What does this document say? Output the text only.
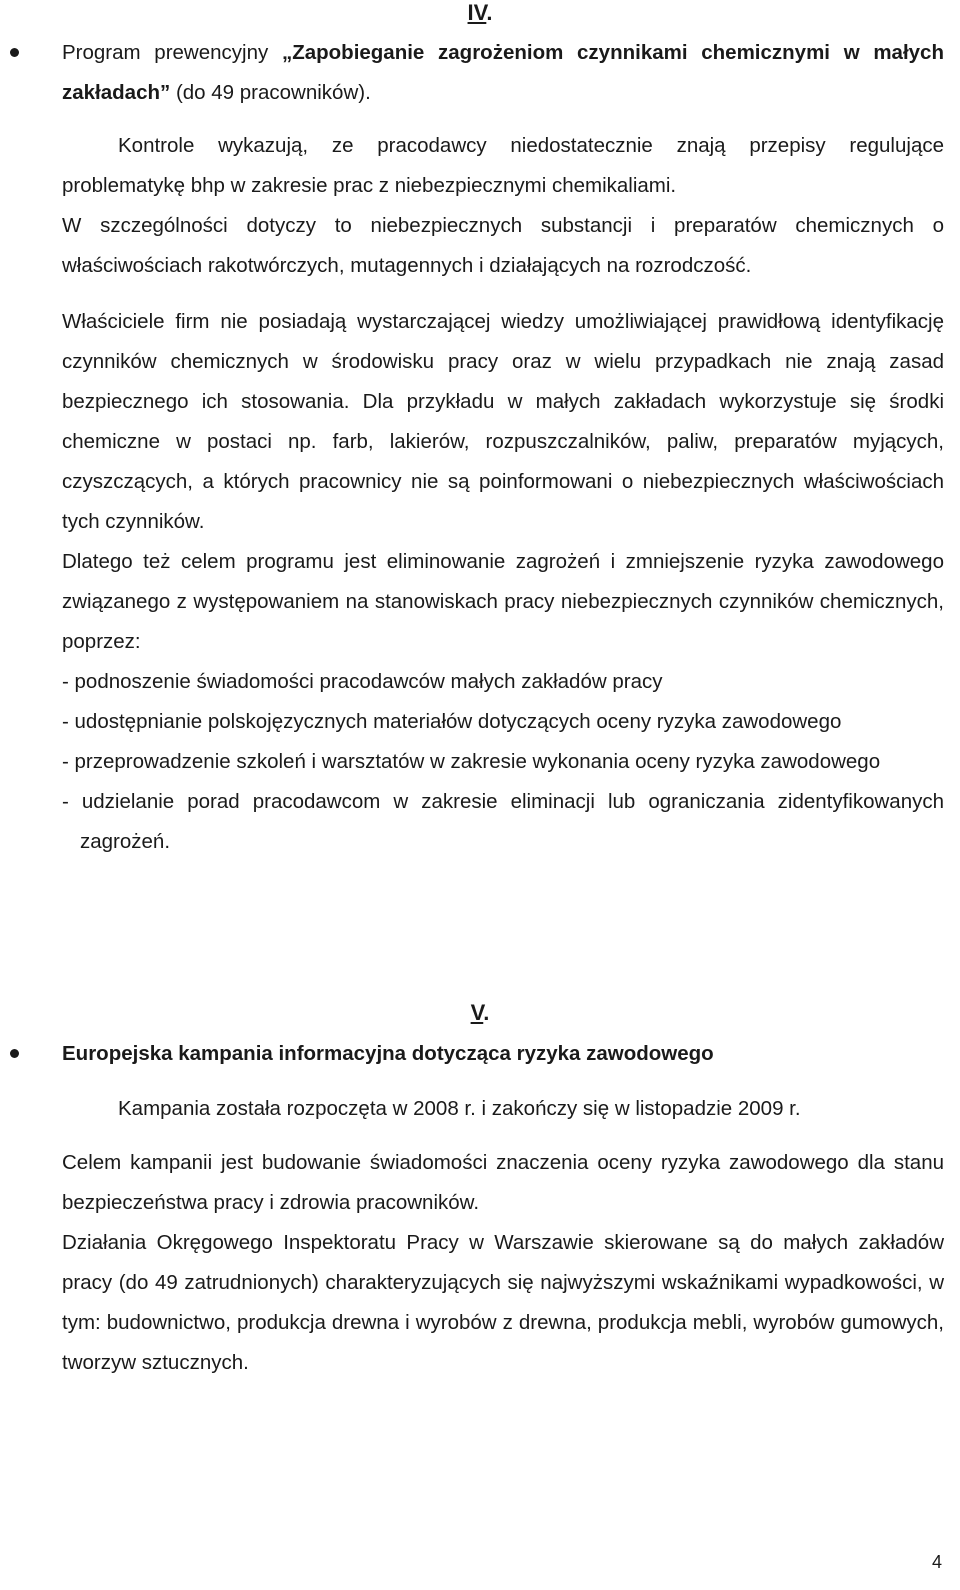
IV.

Program prewencyjny „Zapobieganie zagrożeniom czynnikami chemicznymi w małych zakładach” (do 49 pracowników).

Kontrole wykazują, ze pracodawcy niedostatecznie znają przepisy regulujące problematykę bhp w zakresie prac z niebezpiecznymi chemikaliami.

W szczególności dotyczy to niebezpiecznych substancji i preparatów chemicznych o właściwościach rakotwórczych, mutagennych i działających na rozrodczość.

Właściciele firm nie posiadają wystarczającej wiedzy umożliwiającej prawidłową identyfikację czynników chemicznych w środowisku pracy oraz w wielu przypadkach nie znają zasad bezpiecznego ich stosowania. Dla przykładu w małych zakładach wykorzystuje się środki chemiczne w postaci np. farb, lakierów, rozpuszczalników, paliw, preparatów myjących, czyszczących, a których pracownicy nie są poinformowani o niebezpiecznych właściwościach tych czynników.

Dlatego też celem programu jest eliminowanie zagrożeń i zmniejszenie ryzyka zawodowego związanego z występowaniem na stanowiskach pracy niebezpiecznych czynników chemicznych, poprzez:

- podnoszenie świadomości pracodawców małych zakładów pracy

- udostępnianie polskojęzycznych materiałów dotyczących oceny ryzyka zawodowego

- przeprowadzenie szkoleń i warsztatów w zakresie wykonania oceny ryzyka zawodowego

- udzielanie porad pracodawcom w zakresie eliminacji lub ograniczania zidentyfikowanych zagrożeń.

V.

Europejska kampania informacyjna dotycząca ryzyka zawodowego

Kampania została rozpoczęta w 2008 r. i zakończy się w listopadzie 2009 r.

Celem kampanii jest budowanie świadomości znaczenia oceny ryzyka zawodowego dla stanu bezpieczeństwa pracy i zdrowia pracowników.

Działania Okręgowego Inspektoratu Pracy w Warszawie skierowane są do małych zakładów pracy (do 49 zatrudnionych) charakteryzujących się najwyższymi wskaźnikami wypadkowości, w tym: budownictwo, produkcja drewna i wyrobów z drewna, produkcja mebli, wyrobów gumowych, tworzyw sztucznych.

4
